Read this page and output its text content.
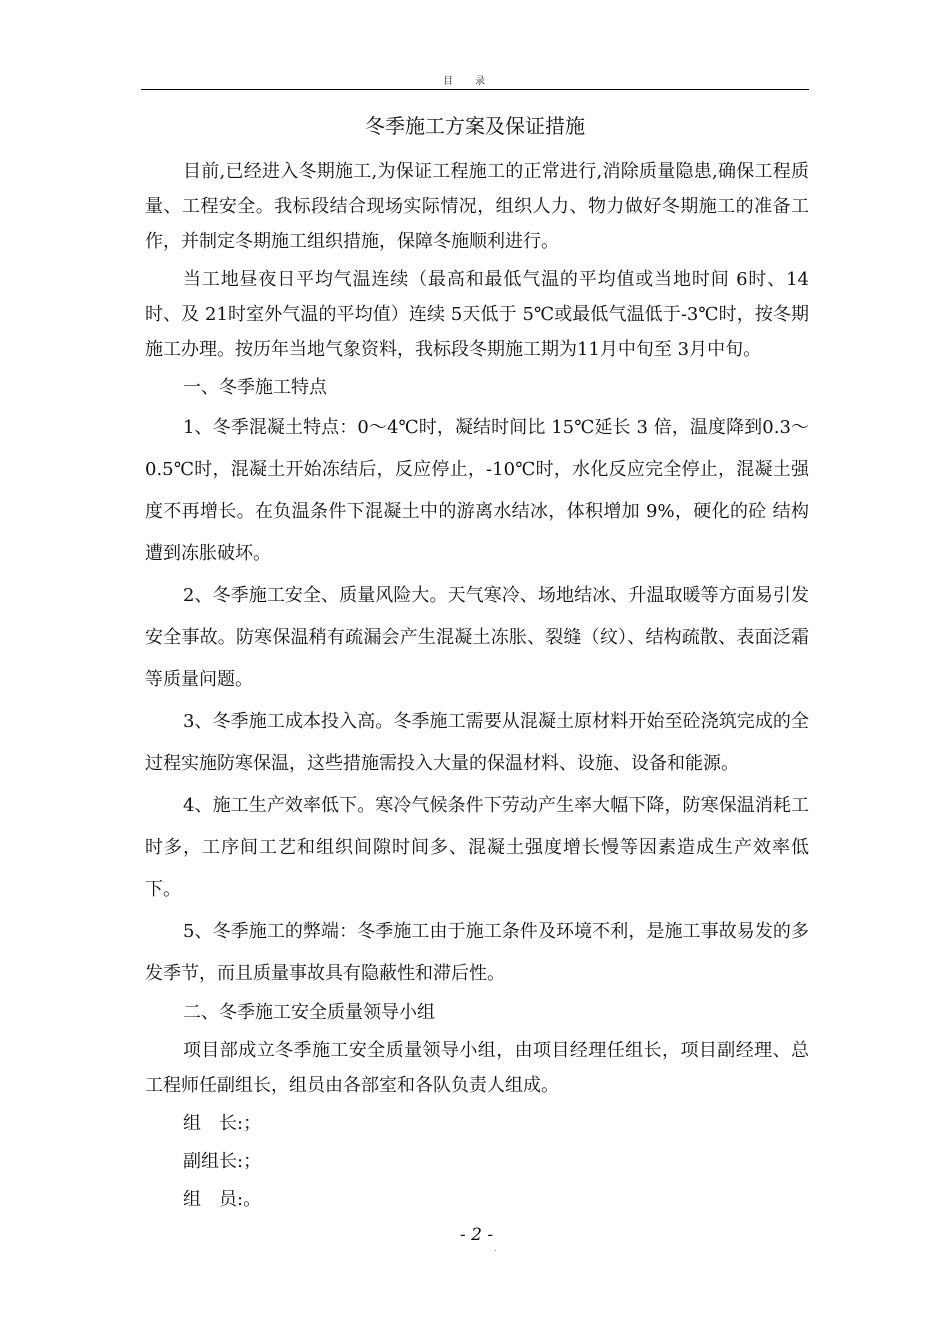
目录
冬季施工方案及保证措施

目前,已经进入冬期施工,为保证工程施工的正常进行,消除质量隐患,确保工程质量、工程安全。我标段结合现场实际情况，组织人力、物力做好冬期施工的准备工作，并制定冬期施工组织措施，保障冬施顺利进行。

当工地昼夜日平均气温连续（最高和最低气温的平均值或当地时间 6时、14时、及 21时室外气温的平均值）连续 5天低于 5℃或最低气温低于-3℃时，按冬期施工办理。按历年当地气象资料，我标段冬期施工期为11月中旬至 3月中旬。

一、冬季施工特点

1、冬季混凝土特点：0～4℃时，凝结时间比 15℃延长 3 倍，温度降到0.3～ 0.5℃时，混凝土开始冻结后，反应停止，-10℃时，水化反应完全停止，混凝土强度不再增长。在负温条件下混凝土中的游离水结冰，体积增加 9%，硬化的砼 结构遭到冻胀破坏。

2、冬季施工安全、质量风险大。天气寒冷、场地结冰、升温取暖等方面易引发安全事故。防寒保温稍有疏漏会产生混凝土冻胀、裂缝（纹）、结构疏散、表面泛霜等质量问题。

3、冬季施工成本投入高。冬季施工需要从混凝土原材料开始至砼浇筑完成的全过程实施防寒保温，这些措施需投入大量的保温材料、设施、设备和能源。

4、施工生产效率低下。寒冷气候条件下劳动产生率大幅下降，防寒保温消耗工时多，工序间工艺和组织间隙时间多、混凝土强度增长慢等因素造成生产效率低下。

5、冬季施工的弊端：冬季施工由于施工条件及环境不利，是施工事故易发的多发季节，而且质量事故具有隐蔽性和滞后性。

二、冬季施工安全质量领导小组

项目部成立冬季施工安全质量领导小组，由项目经理任组长，项目副经理、总工程师任副组长，组员由各部室和各队负责人组成。

组　长:；

副组长:；

组　员:。

- 2 -
.
